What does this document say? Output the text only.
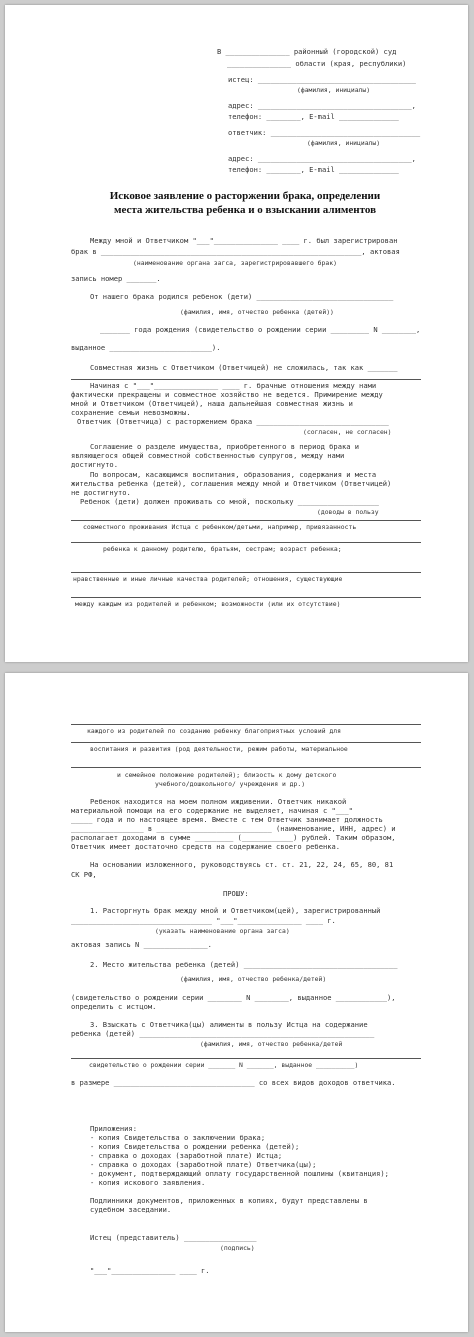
В _______________ районный (городской) суд
_______________ области (края, республики)
истец: _____________________________________
(фамилия, инициалы)
адрес: ____________________________________,
телефон: ________, E-mail ______________
ответчик: ___________________________________
(фамилия, инициалы)
адрес: ____________________________________,
телефон: ________, E-mail ______________
Исковое заявление о расторжении брака, определении
места жительства ребенка и о взыскании алиментов
Между мной и Ответчиком "___"_______________ ____ г. был зарегистрирован
брак в _____________________________________________________________, актовая
(наименование органа загса, зарегистрировавшего брак)
запись номер _______.
От нашего брака родился ребенок (дети) ________________________________
(фамилия, имя, отчество ребенка (детей))
_______ года рождения (свидетельство о рождении серии _________ N ________,
выданное ________________________).
Совместная жизнь с Ответчиком (Ответчицей) не сложилась, так как _______
Начиная с "___"_______________ ____ г. брачные отношения между нами
фактически прекращены и совместное хозяйство не ведется. Примирение между
мной и Ответчиком (Ответчицей), наша дальнейшая совместная жизнь и
сохранение семьи невозможны.
Ответчик (Ответчица) с расторжением брака _______________________________
(согласен, не согласен)
Соглашение о разделе имущества, приобретенного в период брака и
являющегося общей совместной собственностью супругов, между нами
достигнуто.
По вопросам, касающимся воспитания, образования, содержания и места
жительства ребенка (детей), соглашения между мной и Ответчиком (Ответчицей)
не достигнуто.
Ребенок (дети) должен проживать со мной, поскольку ___________________
(доводы в пользу
совместного проживания Истца с ребенком/детьми, например, привязанность
ребенка к данному родителю, братьям, сестрам; возраст ребенка;
нравственные и иные личные качества родителей; отношения, существующие
между каждым из родителей и ребенком; возможности (или их отсутствие)
каждого из родителей по созданию ребенку благоприятных условий для
воспитания и развития (род деятельности, режим работы, материальное
и семейное положение родителей); близость к дому детского
учебного/дошкольного/ учреждения и др.)
Ребенок находится на моем полном иждивении. Ответчик никакой
материальной помощи на его содержание не выделяет, начиная с "___"
_____ года и по настоящее время. Вместе с тем Ответчик занимает должность
_________________ в ___________________________ (наименование, ИНН, адрес) и
располагает доходами в сумме _________ (____________) рублей. Таким образом,
Ответчик имеет достаточно средств на содержание своего ребенка.
На основании изложенного, руководствуясь ст. ст. 21, 22, 24, 65, 80, 81
СК РФ,
ПРОШУ:
1. Расторгнуть брак между мной и Ответчиком(цей), зарегистрированный
_________________________________ "___"_______________ ____ г.
(указать наименование органа загса)
актовая запись N _______________.
2. Место жительства ребенка (детей) ____________________________________
(фамилия, имя, отчество ребенка/детей)
(свидетельство о рождении серии ________ N ________, выданное ____________),
определить с истцом.
3. Взыскать с Ответчика(цы) алименты в пользу Истца на содержание
ребенка (детей) _______________________________________________________
(фамилия, имя, отчество ребенка/детей
свидетельство о рождении серии _______ N _______, выданное __________)
в размере _________________________________ со всех видов доходов ответчика.
Приложения:
- копия Свидетельства о заключении брака;
- копия Свидетельства о рождении ребенка (детей);
- справка о доходах (заработной плате) Истца;
- справка о доходах (заработной плате) Ответчика(цы);
- документ, подтверждающий оплату государственной пошлины (квитанция);
- копия искового заявления.
Подлинники документов, приложенных в копиях, будут представлены в
судебном заседании.
Истец (представитель) _________________
(подпись)
"___"_______________ ____ г.
